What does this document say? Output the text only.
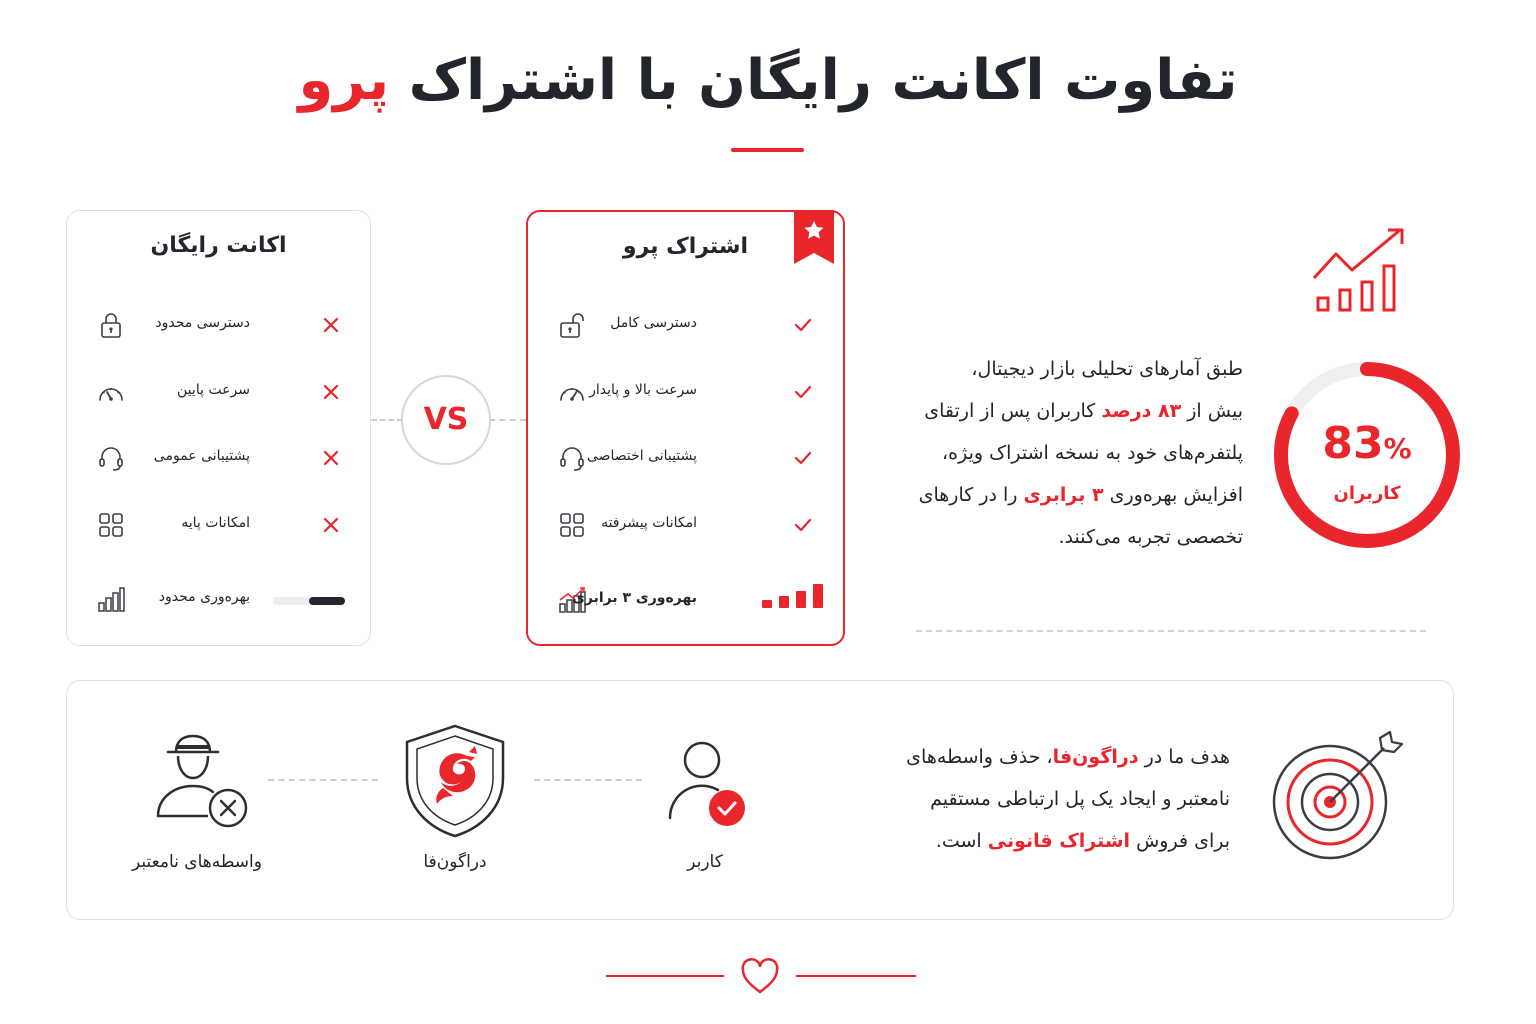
تفاوت اکانت رایگان با اشتراک پرو
اکانت رایگان
دسترسی محدود
سرعت پایین
پشتیبانی عمومی
امکانات پایه
بهره‌وری محدود
VS
اشتراک پرو
دسترسی کامل
سرعت بالا و پایدار
پشتیبانی اختصاصی
امکانات پیشرفته
بهره‌وری ۳ برابری
طبق آمارهای تحلیلی بازار دیجیتال،
بیش از ۸۳ درصد کاربران پس از ارتقای
پلتفرم‌های خود به نسخه اشتراک ویژه،
افزایش بهره‌وری ۳ برابری را در کارهای
تخصصی تجربه می‌کنند.
83%
کاربران
هدف ما در دراگون‌فا، حذف واسطه‌های
نامعتبر و ایجاد یک پل ارتباطی مستقیم
برای فروش اشتراک قانونی است.
کاربر
دراگون‌فا
واسطه‌های نامعتبر
